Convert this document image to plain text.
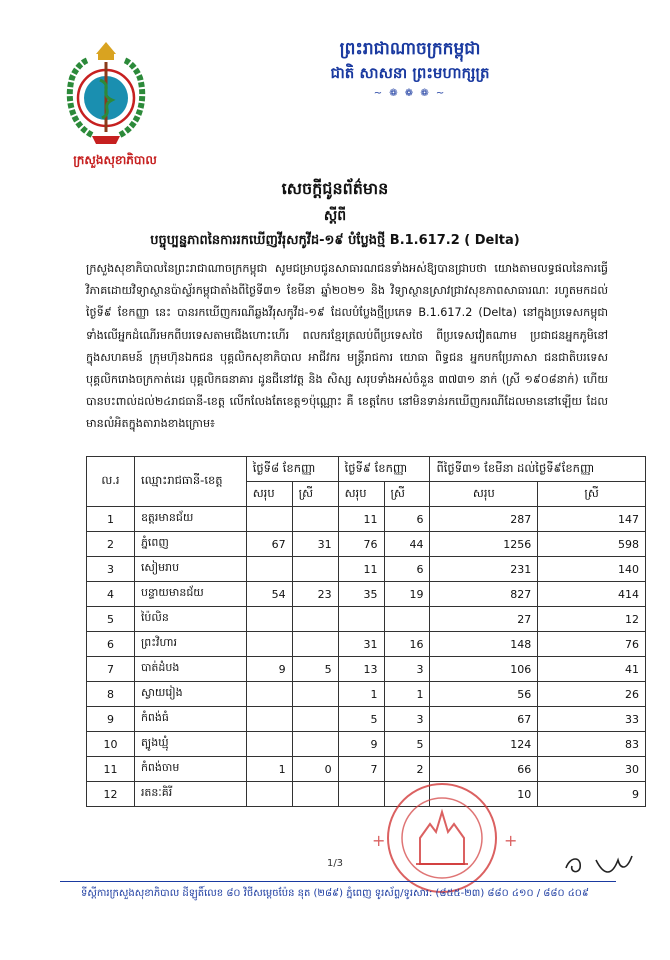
ក្រសួងសុខាភិបាល
ព្រះរាជាណាចក្រកម្ពុជា
ជាតិ សាសនា ព្រះមហាក្សត្រ
~ ❁ ❁ ❁ ~
សេចក្តីជូនព័ត៌មាន
ស្តីពី
បច្ចុប្បន្នភាពនៃការរកឃើញវីរុសកូវីដ-១៩ បំប្លែងថ្មី B.1.617.2 ( Delta)
ក្រសួងសុខាភិបាលនៃព្រះរាជាណាចក្រកម្ពុជា សូមជម្រាបជូនសាធារណជនទាំងអស់ឱ្យបានជ្រាបថា យោងតាមលទ្ធផលនៃការធ្វើវិភាគដោយវិទ្យាស្ថានប៉ាស្ទ័រកម្ពុជាតាំងពីថ្ងៃទី៣១ ខែមីនា ឆ្នាំ២០២១ និង វិទ្យាស្ថានស្រាវជ្រាវសុខភាពសាធារណៈ រហូតមកដល់ថ្ងៃទី៩ ខែកញ្ញា នេះ បានរកឃើញករណីឆ្លងវីរុសកូវីដ-១៩ ដែលបំប្លែងថ្មីប្រភេទ B.1.617.2 (Delta) នៅក្នុងប្រទេសកម្ពុជា ទាំងលើអ្នកដំណើរមកពីបរទេសតាមជើងហោះហើរ ពលករខ្មែរត្រលប់ពីប្រទេសថៃ ពីប្រទេសវៀតណាម ប្រជាជនអ្នកភូមិនៅក្នុងសហគមន៍ ក្រុមហ៊ុនឯកជន បុគ្គលិកសុខាភិបាល អាជីវករ មន្ត្រីរាជការ យោធា ពិទ្ធជន អ្នកបកប្រែភាសា ជនជាតិបរទេស បុគ្គលិករោងចក្រកាត់ដេរ បុគ្គលិកធនាគារ ដូនជីនៅវត្ត និង សិស្ស សរុបទាំងអស់ចំនួន ៣៧៣១ នាក់ (ស្រី ១៩០៨នាក់) ហើយបានបះពាល់ដល់២៤រាជធានី-ខេត្ត លើកលែងតែខេត្ត១ប៉ុណ្ណោះ គឺ ខេត្តកែប នៅមិនទាន់រកឃើញករណីដែលមាននៅឡើយ ដែលមានលំអិតក្នុងតារាងខាងក្រោម៖
ល.រ	ឈ្មោះរាជធានី-ខេត្ត	ថ្ងៃទី៨ ខែកញ្ញា		ថ្ងៃទី៩ ខែកញ្ញា		ពីថ្ងៃទី៣១ ខែមីនា ដល់ថ្ងៃទី៩ខែកញ្ញា	
		សរុប	ស្រី	សរុប	ស្រី	សរុប	ស្រី
1	ឧត្តរមានជ័យ			11	6	287	147
2	ភ្នំពេញ	67	31	76	44	1256	598
3	សៀមរាប			11	6	231	140
4	បន្ទាយមានជ័យ	54	23	35	19	827	414
5	ប៉ៃលិន					27	12
6	ព្រះវិហារ			31	16	148	76
7	បាត់ដំបង	9	5	13	3	106	41
8	ស្វាយរៀង			1	1	56	26
9	កំពង់ធំ			5	3	67	33
10	ត្បូងឃ្មុំ			9	5	124	83
11	កំពង់ចាម	1	0	7	2	66	30
12	រតនៈគិរី					10	9
+	+
1/3
ទីស្តីការក្រសួងសុខាភិបាល ដីឡូតិ៍លេខ ៨០ វិថីសម្តេចប៉ែន នុត (២៨៩) ភ្នំពេញ ទូរស័ព្ទ/ទូរសារ: (៨៥៥-២៣) ៨៨០ ៤១០ / ៨៨០ ៤០៩
